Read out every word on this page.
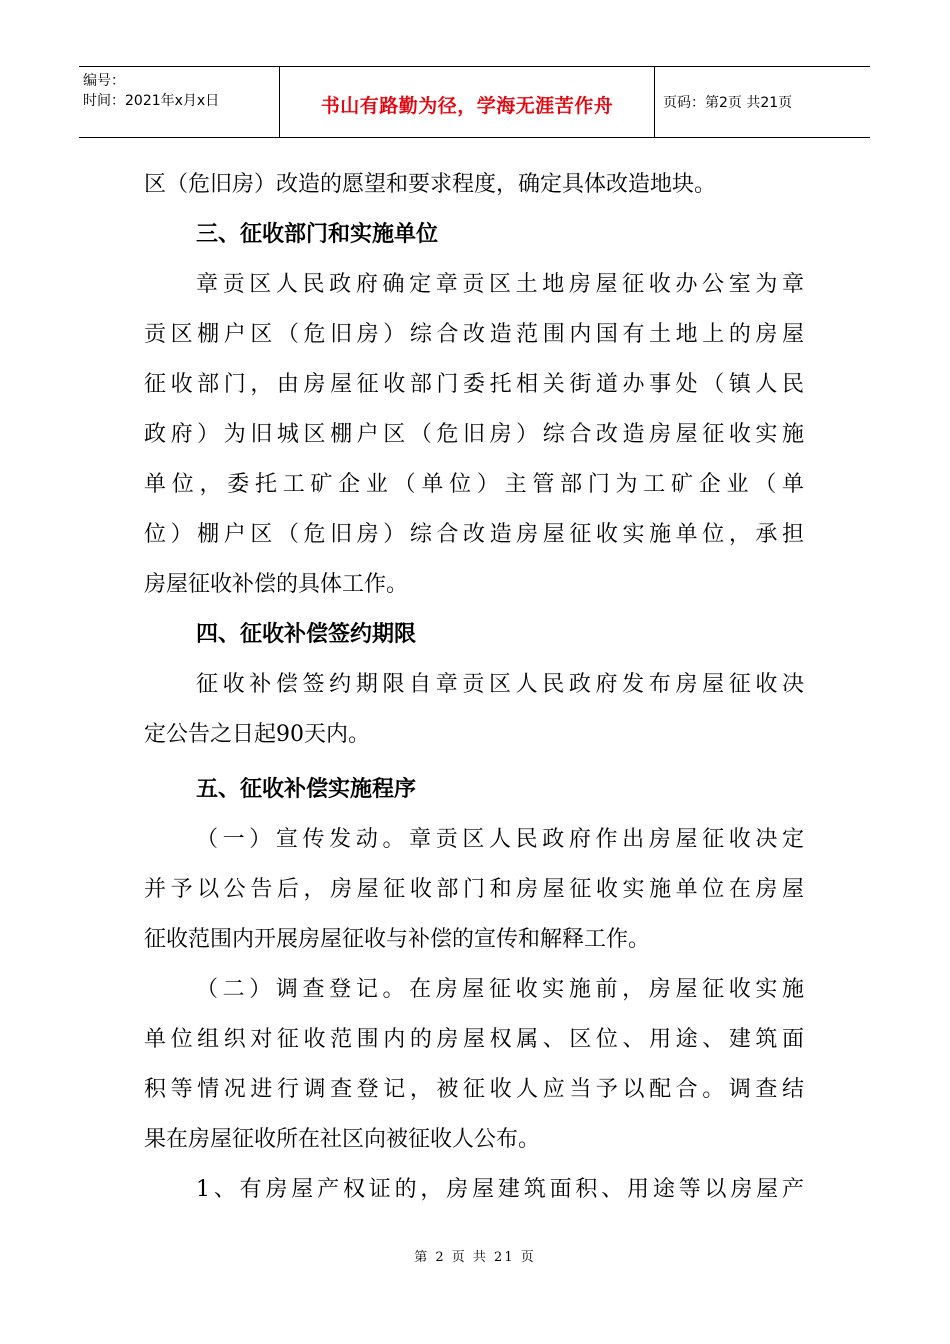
编号：
时间：2021年x月x日	书山有路勤为径，学海无涯苦作舟	页码：第2页 共21页
区（危旧房）改造的愿望和要求程度，确定具体改造地块。
三、征收部门和实施单位
章贡区人民政府确定章贡区土地房屋征收办公室为章
贡区棚户区（危旧房）综合改造范围内国有土地上的房屋
征收部门，由房屋征收部门委托相关街道办事处（镇人民
政府）为旧城区棚户区（危旧房）综合改造房屋征收实施
单位，委托工矿企业（单位）主管部门为工矿企业（单
位）棚户区（危旧房）综合改造房屋征收实施单位，承担
房屋征收补偿的具体工作。
四、征收补偿签约期限
征收补偿签约期限自章贡区人民政府发布房屋征收决
定公告之日起90天内。
五、征收补偿实施程序
（一）宣传发动。章贡区人民政府作出房屋征收决定
并予以公告后，房屋征收部门和房屋征收实施单位在房屋
征收范围内开展房屋征收与补偿的宣传和解释工作。
（二）调查登记。在房屋征收实施前，房屋征收实施
单位组织对征收范围内的房屋权属、区位、用途、建筑面
积等情况进行调查登记，被征收人应当予以配合。调查结
果在房屋征收所在社区向被征收人公布。
1、有房屋产权证的，房屋建筑面积、用途等以房屋产
第 2 页 共 21 页
